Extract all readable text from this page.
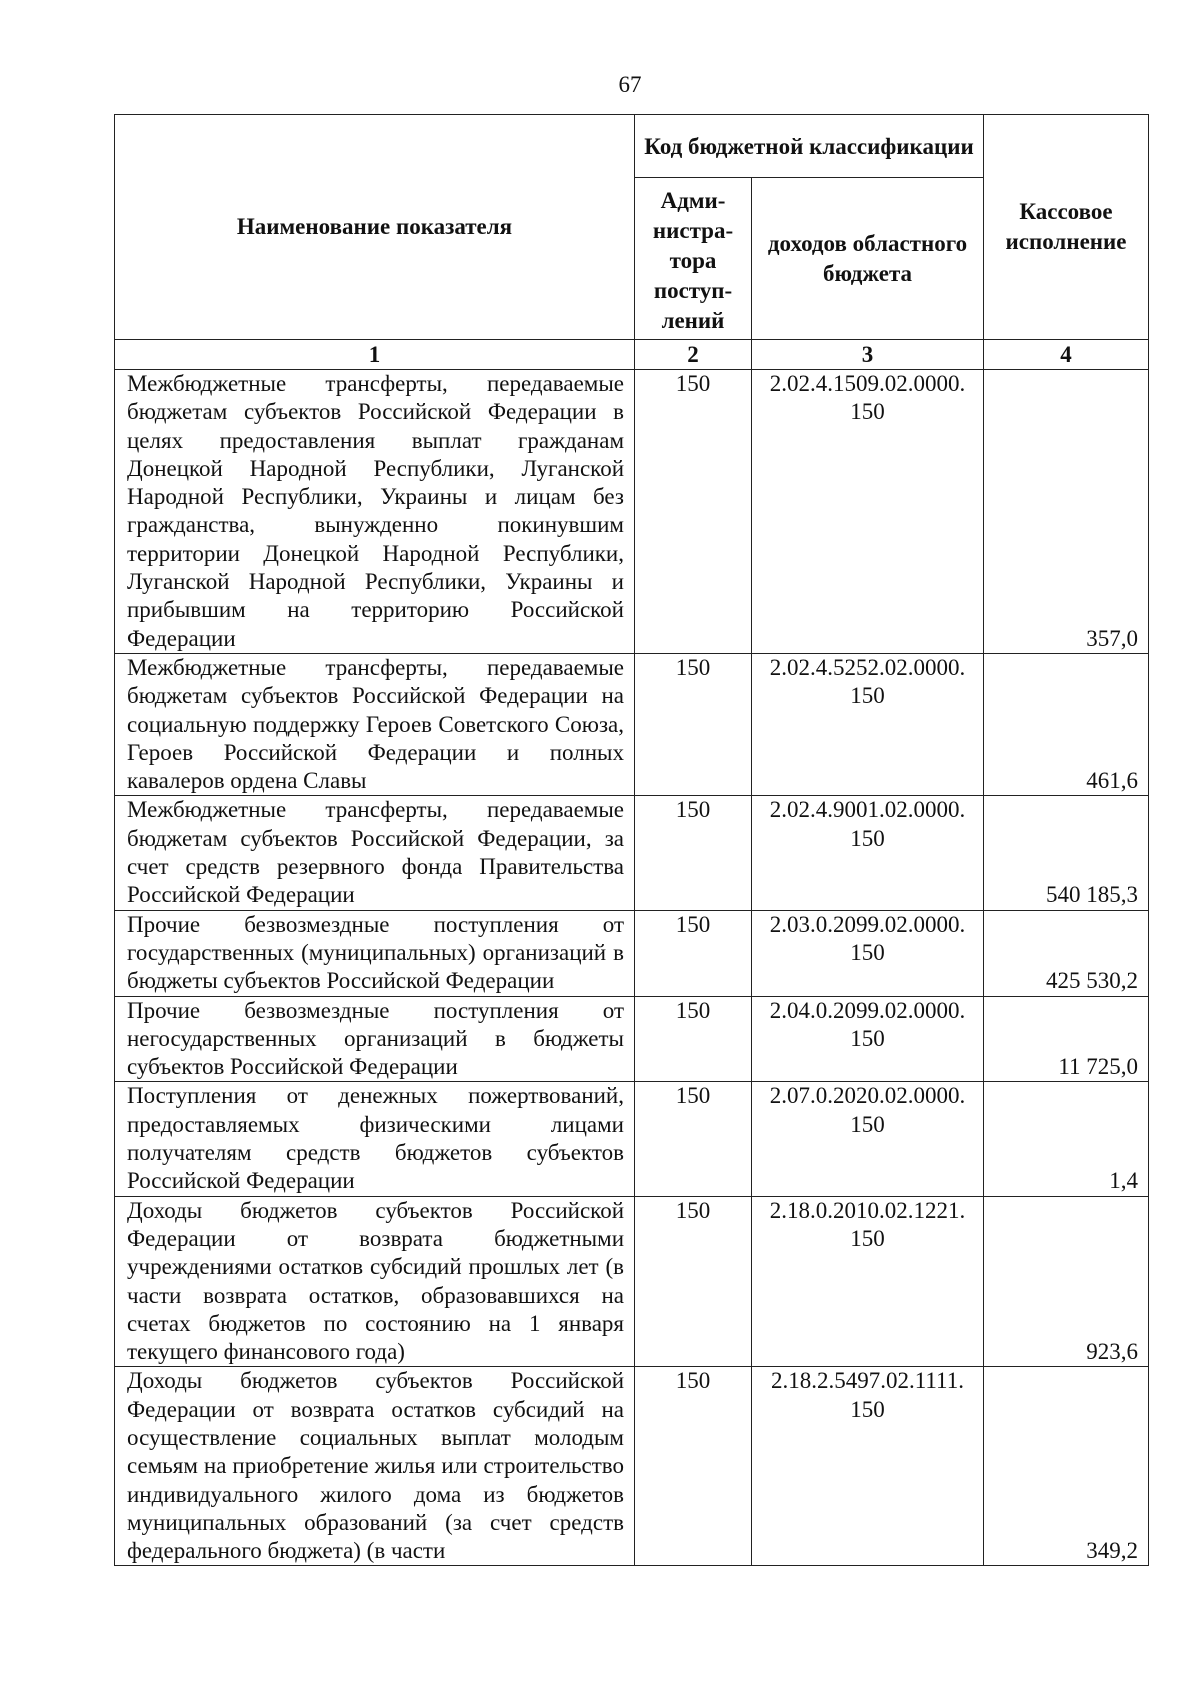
67
Наименование показателя	Код бюджетной классификации		Кассовое исполнение
	Адми-нистра-тора поступ-лений	доходов областного бюджета	
1	2	3	4
Межбюджетные трансферты, передаваемые бюджетам субъектов Российской Федерации в целях предоставления выплат гражданам Донецкой Народной Республики, Луганской Народной Республики, Украины и лицам без гражданства, вынужденно покинувшим территории Донецкой Народной Республики, Луганской Народной Республики, Украины и прибывшим на территорию Российской Федерации	150	2.02.4.1509.02.0000. 150	357,0
Межбюджетные трансферты, передаваемые бюджетам субъектов Российской Федерации на социальную поддержку Героев Советского Союза, Героев Российской Федерации и полных кавалеров ордена Славы	150	2.02.4.5252.02.0000. 150	461,6
Межбюджетные трансферты, передаваемые бюджетам субъектов Российской Федерации, за счет средств резервного фонда Правительства Российской Федерации	150	2.02.4.9001.02.0000. 150	540 185,3
Прочие безвозмездные поступления от государственных (муниципальных) организаций в бюджеты субъектов Российской Федерации	150	2.03.0.2099.02.0000. 150	425 530,2
Прочие безвозмездные поступления от негосударственных организаций в бюджеты субъектов Российской Федерации	150	2.04.0.2099.02.0000. 150	11 725,0
Поступления от денежных пожертвований, предоставляемых физическими лицами получателям средств бюджетов субъектов Российской Федерации	150	2.07.0.2020.02.0000. 150	1,4
Доходы бюджетов субъектов Российской Федерации от возврата бюджетными учреждениями остатков субсидий прошлых лет (в части возврата остатков, образовавшихся на счетах бюджетов по состоянию на 1 января текущего финансового года)	150	2.18.0.2010.02.1221. 150	923,6
Доходы бюджетов субъектов Российской Федерации от возврата остатков субсидий на осуществление социальных выплат молодым семьям на приобретение жилья или строительство индивидуального жилого дома из бюджетов муниципальных образований (за счет средств федерального бюджета) (в части	150	2.18.2.5497.02.1111. 150	349,2
